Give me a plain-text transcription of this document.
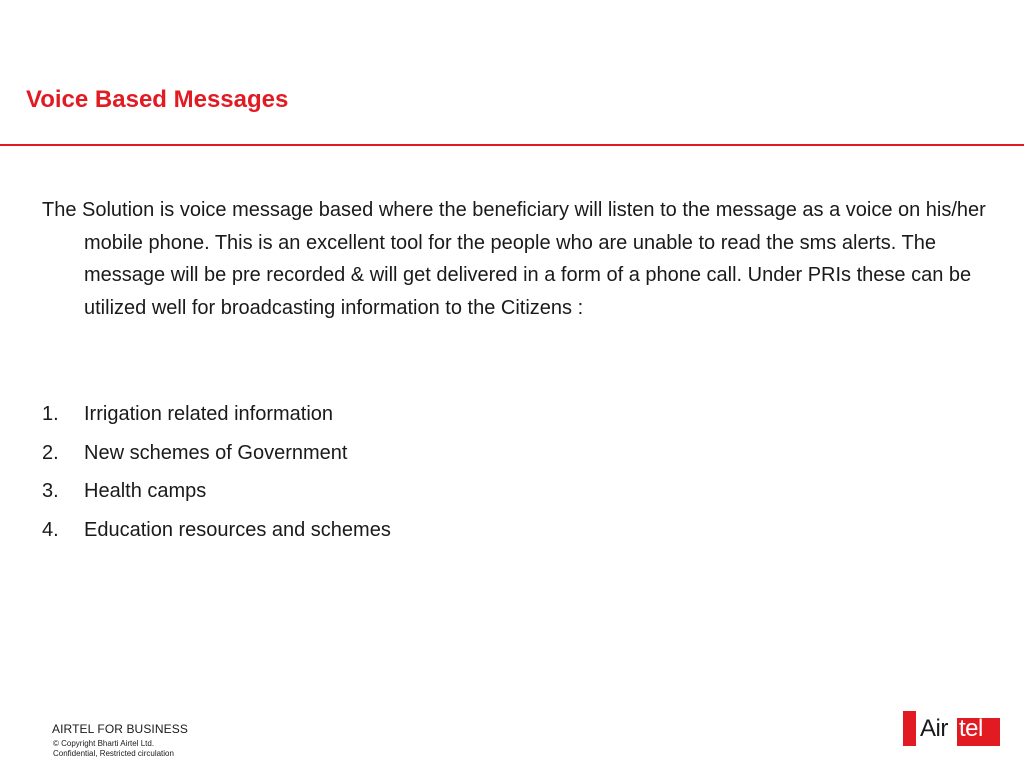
Voice Based Messages

The Solution is voice message based where the beneficiary will listen to the message as a voice on his/her mobile phone. This is an excellent tool for the people who are unable to read the sms alerts. The message will be pre recorded & will get delivered in a form of a phone call. Under PRIs these can be utilized well for broadcasting information to the Citizens :

1. Irrigation related information
2. New schemes of Government
3. Health camps
4. Education resources and schemes
AIRTEL FOR BUSINESS
© Copyright Bharti Airtel Ltd.
Confidential, Restricted circulation
Air tel
